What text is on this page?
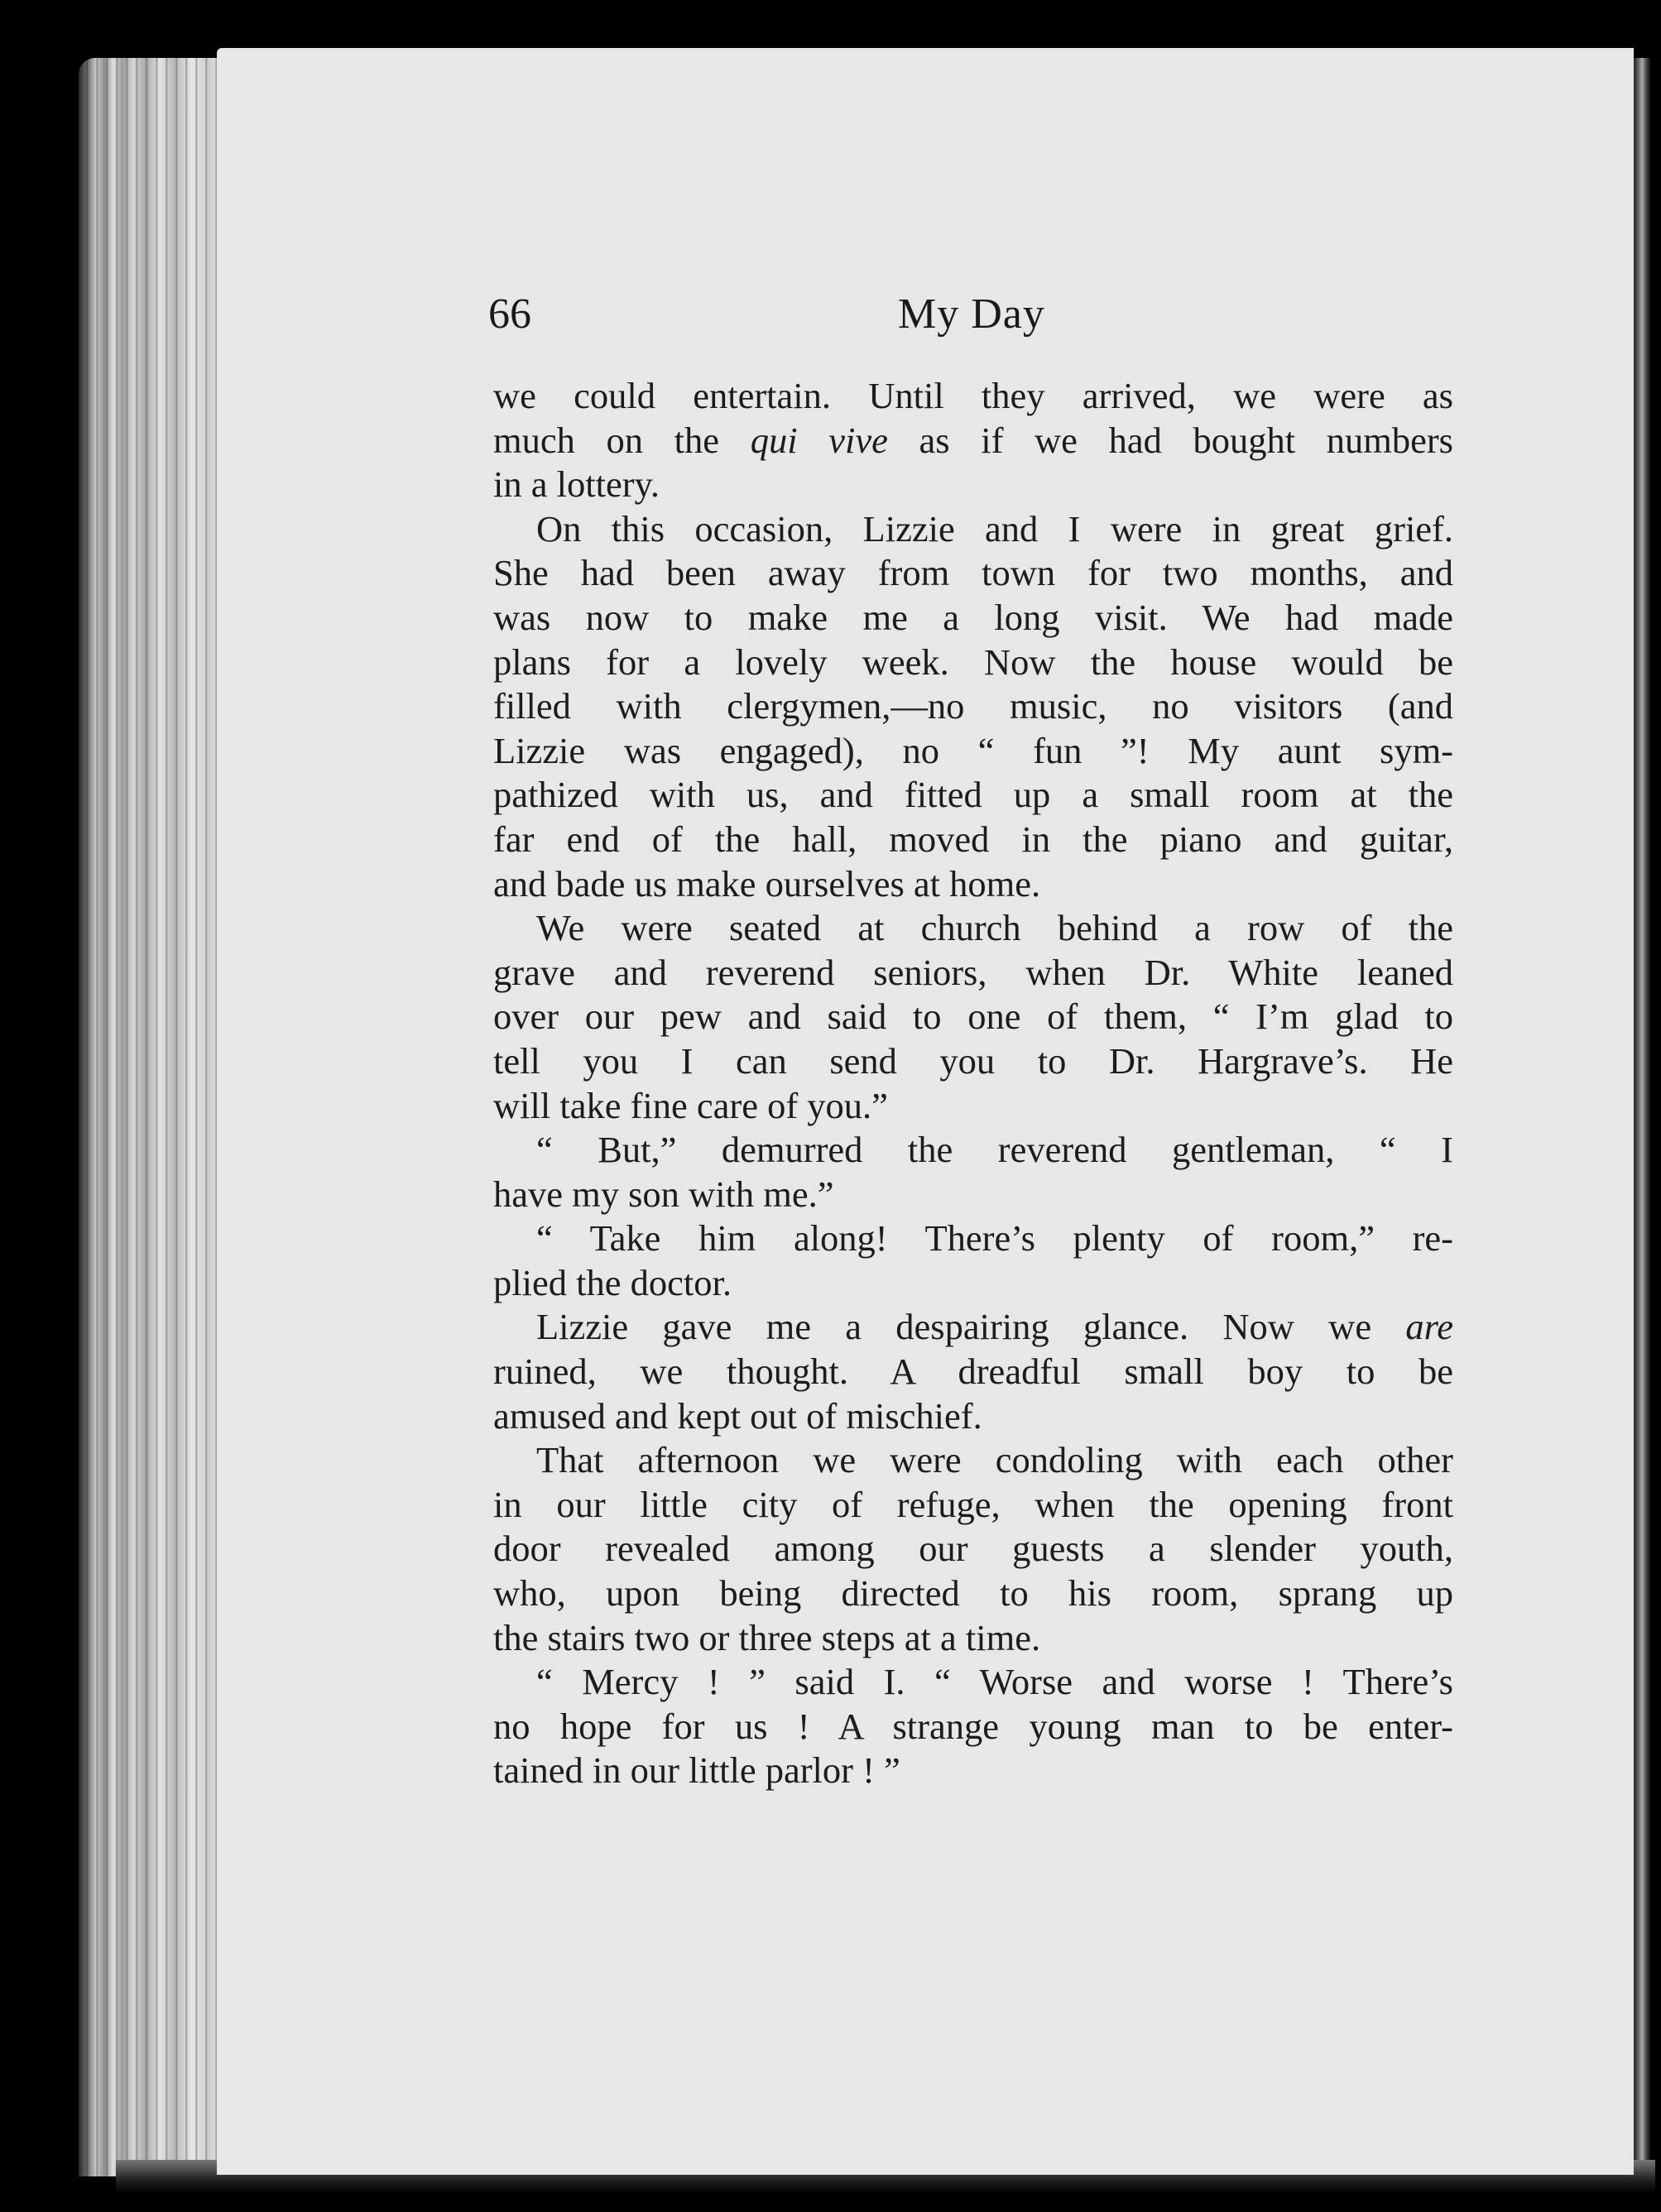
66	My Day
we could entertain. Until they arrived, we were as
much on the qui vive as if we had bought numbers
in a lottery.
On this occasion, Lizzie and I were in great grief.
She had been away from town for two months, and
was now to make me a long visit. We had made
plans for a lovely week. Now the house would be
filled with clergymen,—no music, no visitors (and
Lizzie was engaged), no “ fun ”! My aunt sym-
pathized with us, and fitted up a small room at the
far end of the hall, moved in the piano and guitar,
and bade us make ourselves at home.
We were seated at church behind a row of the
grave and reverend seniors, when Dr. White leaned
over our pew and said to one of them, “ I’m glad to
tell you I can send you to Dr. Hargrave’s. He
will take fine care of you.”
“ But,” demurred the reverend gentleman, “ I
have my son with me.”
“ Take him along! There’s plenty of room,” re-
plied the doctor.
Lizzie gave me a despairing glance. Now we are
ruined, we thought. A dreadful small boy to be
amused and kept out of mischief.
That afternoon we were condoling with each other
in our little city of refuge, when the opening front
door revealed among our guests a slender youth,
who, upon being directed to his room, sprang up
the stairs two or three steps at a time.
“ Mercy ! ” said I. “ Worse and worse ! There’s
no hope for us ! A strange young man to be enter-
tained in our little parlor ! ”
